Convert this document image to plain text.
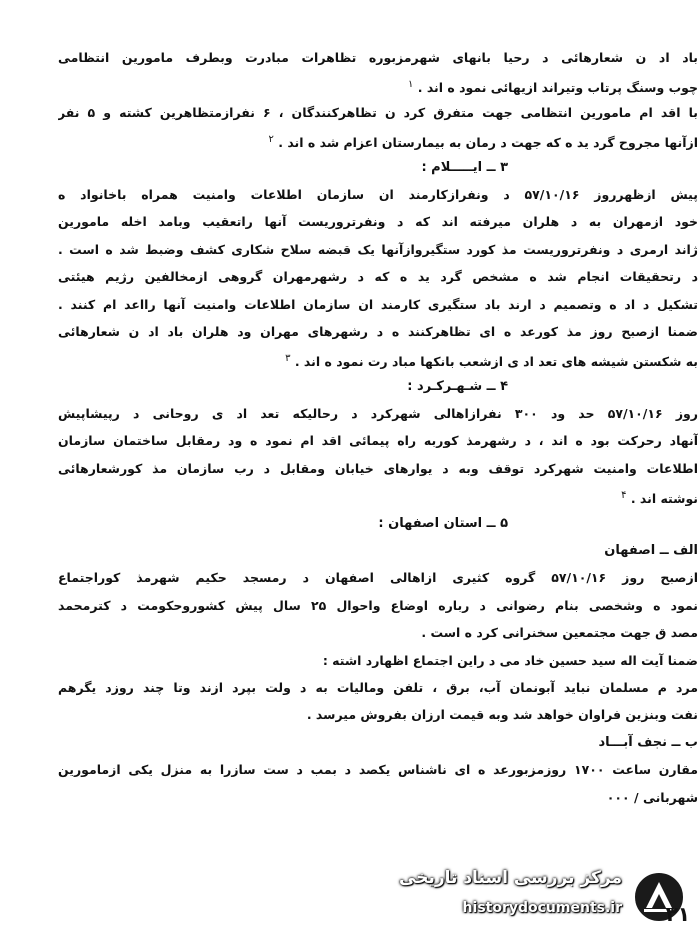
باد اد ن شعارهائی د رحیا بانهای شهرمزبوره تظاهرات مبادرت وبطرف مامورین انتظامی
چوب وسنگ پرتاب وتیراند ازیهائی نمود ه اند . $^۱$
با اقد ام مامورین انتظامی جهت متفرق کرد ن تظاهرکنندگان ، ۶ نفرازمتظاهرین کشته و ۵ نفر
ازآنها مجروح گرد ید ه که جهت د رمان به بیمارستان اعزام شد ه اند . $^۲$
۳ ــ ایـــــلام :
پیش ازظهرروز ۵۷/۱۰/۱۶ د ونفرازکارمند ان سازمان اطلاعات وامنیت همراه باخانواد ه
خود ازمهران به د هلران میرفته اند که د ونفرتروریست آنها راتعقیب وبامد اخله مامورین
ژاند ارمری د ونفرتروریست مذ کورد ستگیروازآنها یک قبضه سلاح شکاری کشف وضبط شد ه است .
د رتحقیقات انجام شد ه مشخص گرد ید ه که د رشهرمهران گروهی ازمخالفین رژیم هیئتی
تشکیل د اد ه وتصمیم د ارند باد ستگیری کارمند ان سازمان اطلاعات وامنیت آنها رااعد ام کنند .
ضمنا ازصبح روز مذ کورعد ه ای تظاهرکنند ه د رشهرهای مهران ود هلران باد اد ن شعارهائی
به شکستن شیشه های تعد اد ی ازشعب بانکها مباد رت نمود ه اند . $^۳$
۴ ــ شـهـرکـرد :
روز ۵۷/۱۰/۱۶ حد ود ۳۰۰ نفرازاهالی شهرکرد د رحالیکه تعد اد ی روحانی د رپیشاپیش
آنهاد رحرکت بود ه اند ، د رشهرمذ کوربه راه پیمائی اقد ام نمود ه ود رمقابل ساختمان سازمان
اطلاعات وامنیت شهرکرد توقف وبه د یوارهای خیابان ومقابل د رب سازمان مذ کورشعارهائی
نوشته اند . $^۴$
۵ ــ استان اصفهان :
الف ــ اصفهان
ازصبح روز ۵۷/۱۰/۱۶ گروه کثیری ازاهالی اصفهان د رمسجد حکیم شهرمذ کوراجتماع
نمود ه وشخصی بنام رضوانی د رباره اوضاع واحوال ۲۵ سال پیش کشوروحکومت د کترمحمد
مصد ق جهت مجتمعین سخنرانی کرد ه است .
ضمنا آیت اله سید حسین خاد می د راین اجتماع اظهارد اشته :
مرد م مسلمان نباید آبونمان آب، برق ، تلفن ومالیات به د ولت بپرد ازند وتا چند روزد یگرهم
نفت وبنزین فراوان خواهد شد وبه قیمت ارزان بفروش میرسد .
ب ــ نجف آبـــاد
مقارن ساعت ۱۷۰۰ روزمزبورعد ه ای ناشناس یکصد د بمب د ست سازرا به منزل یکی ازمامورین
شهربانی / ۰۰۰
مرکز بررسی اسناد تاریخی
historydocuments.ir ۳۱
